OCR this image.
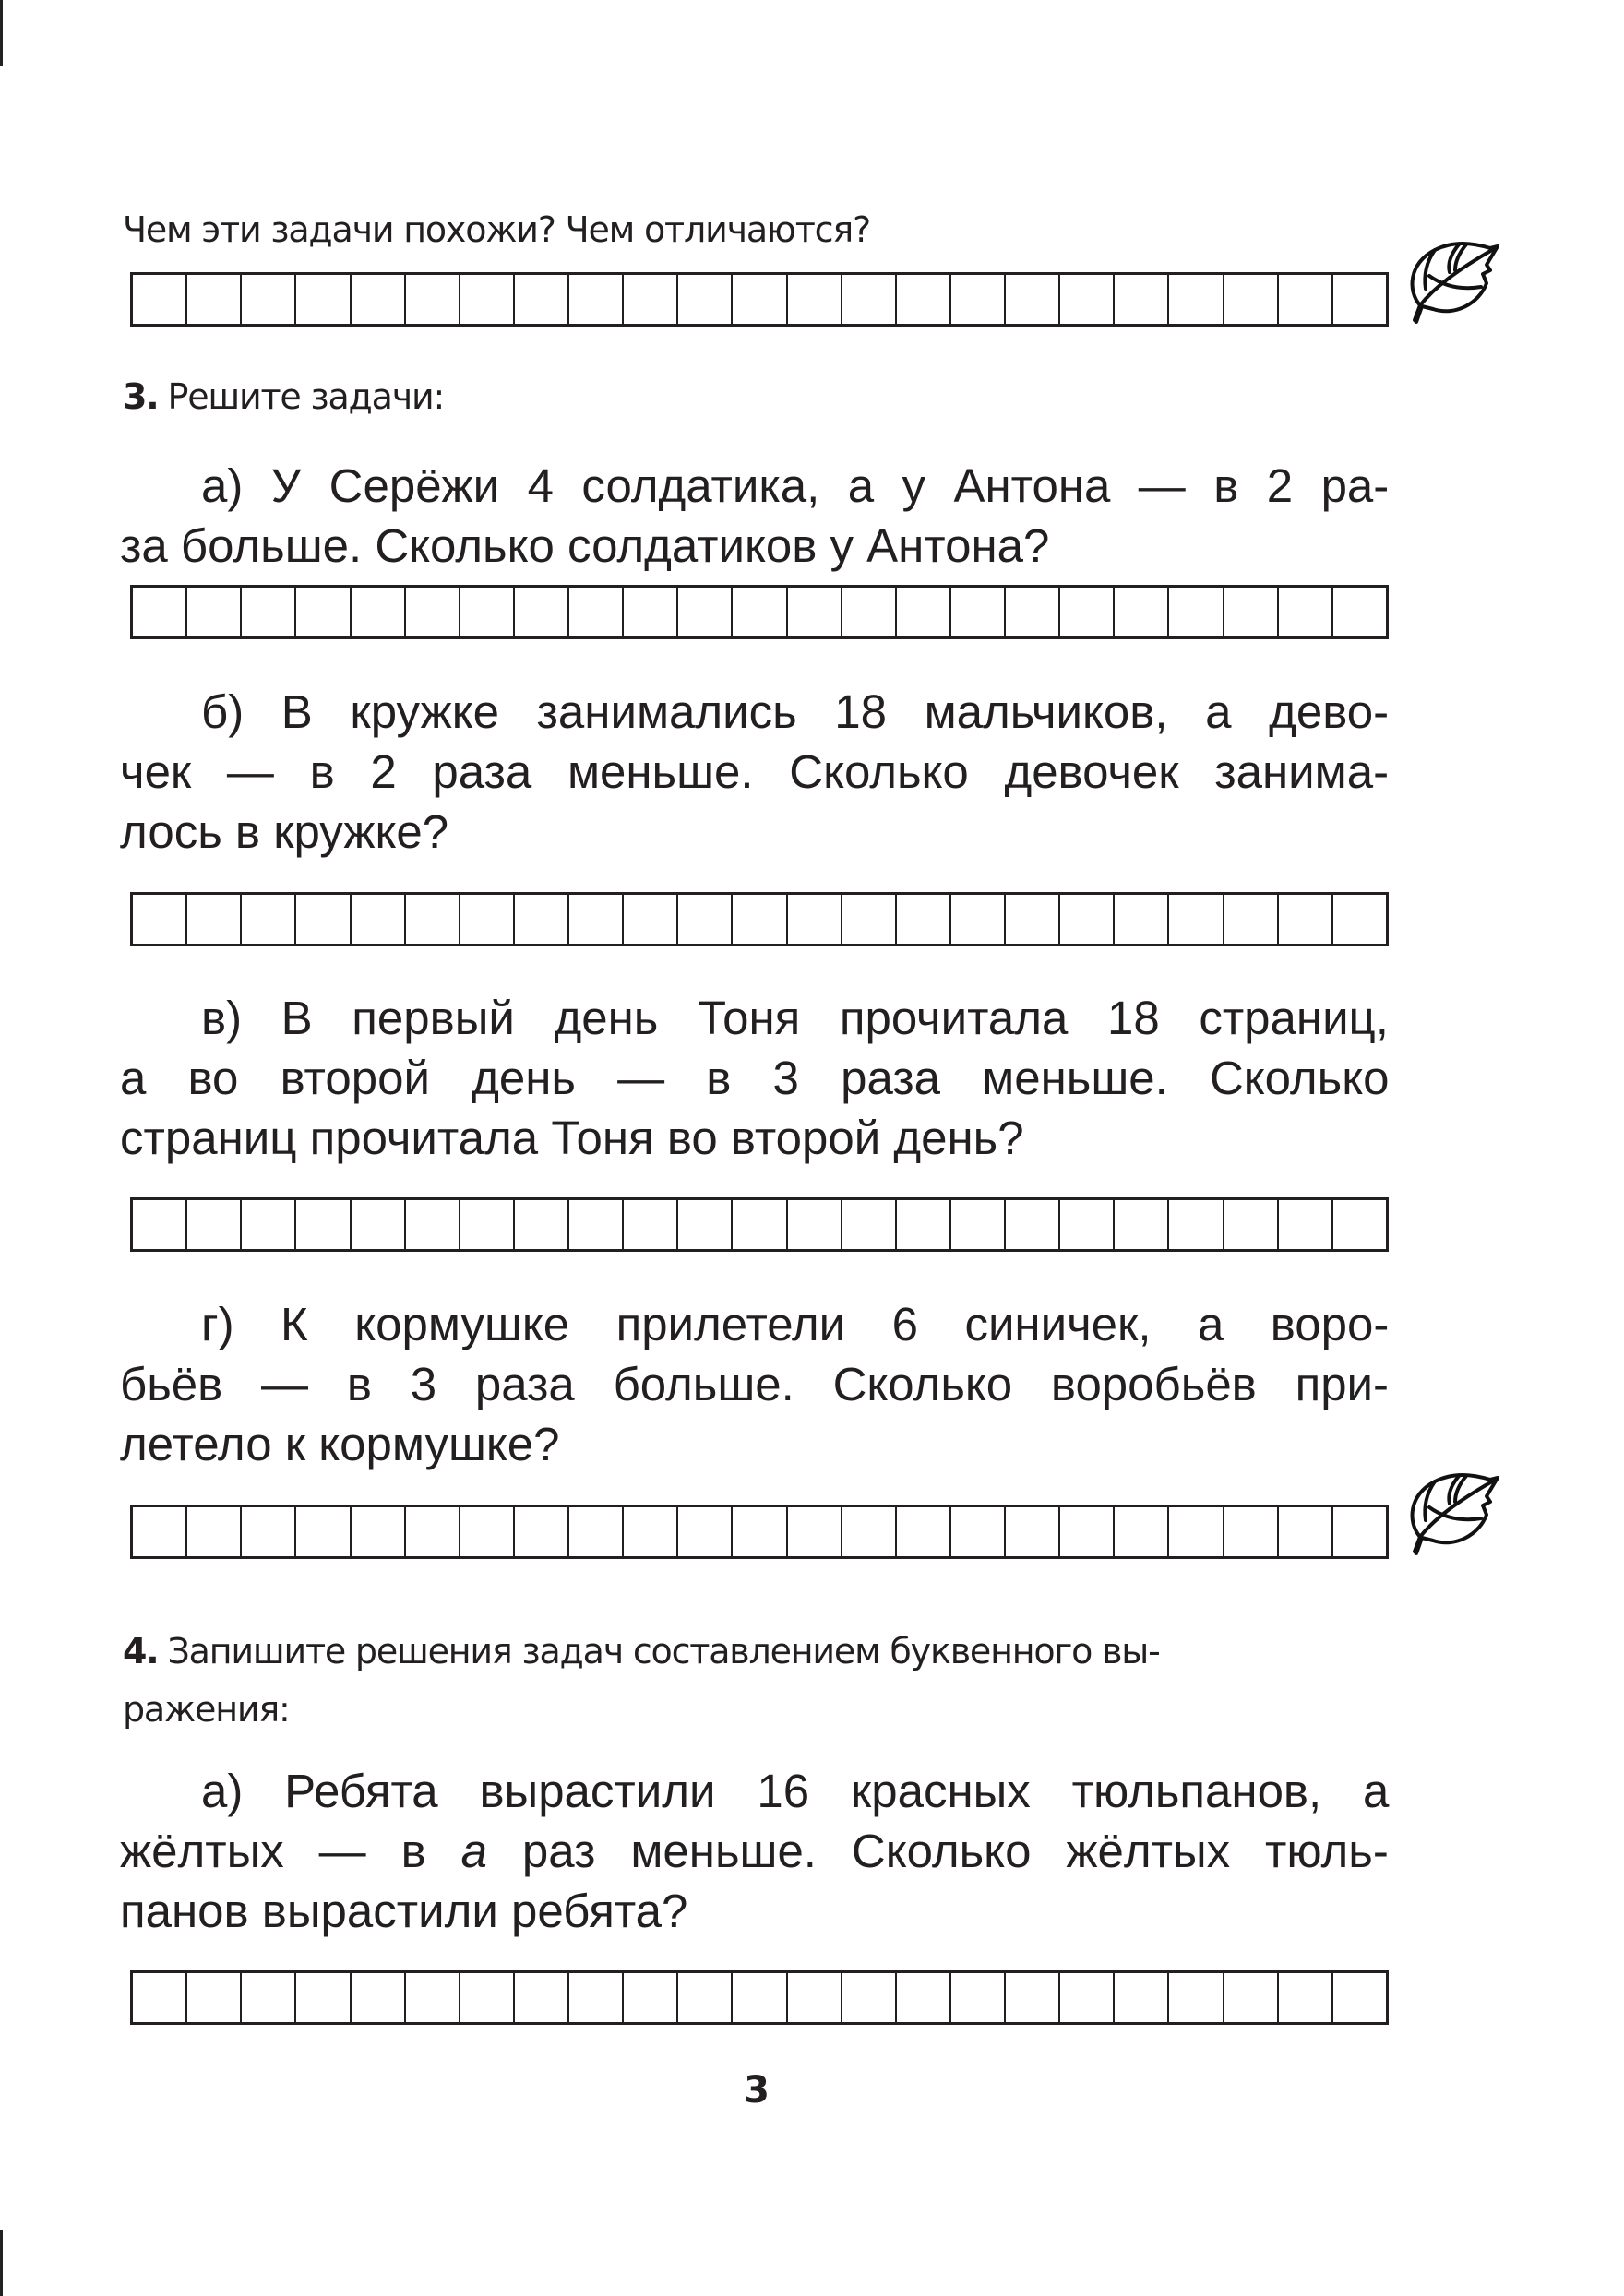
Чем эти задачи похожи? Чем отличаются?
3. Решите задачи:
а) У Серёжи 4 солдатика, а у Антона — в 2 ра-
за больше. Сколько солдатиков у Антона?
б) В кружке занимались 18 мальчиков, а дево-
чек — в 2 раза меньше. Сколько девочек занима-
лось в кружке?
в) В первый день Тоня прочитала 18 страниц,
а во второй день — в 3 раза меньше. Сколько
страниц прочитала Тоня во второй день?
г) К кормушке прилетели 6 синичек, а воро-
бьёв — в 3 раза больше. Сколько воробьёв при-
летело к кормушке?
4. Запишите решения задач составлением буквенного вы-
ражения:
а) Ребята вырастили 16 красных тюльпанов, а
жёлтых — в а раз меньше. Сколько жёлтых тюль-
панов вырастили ребята?
3
